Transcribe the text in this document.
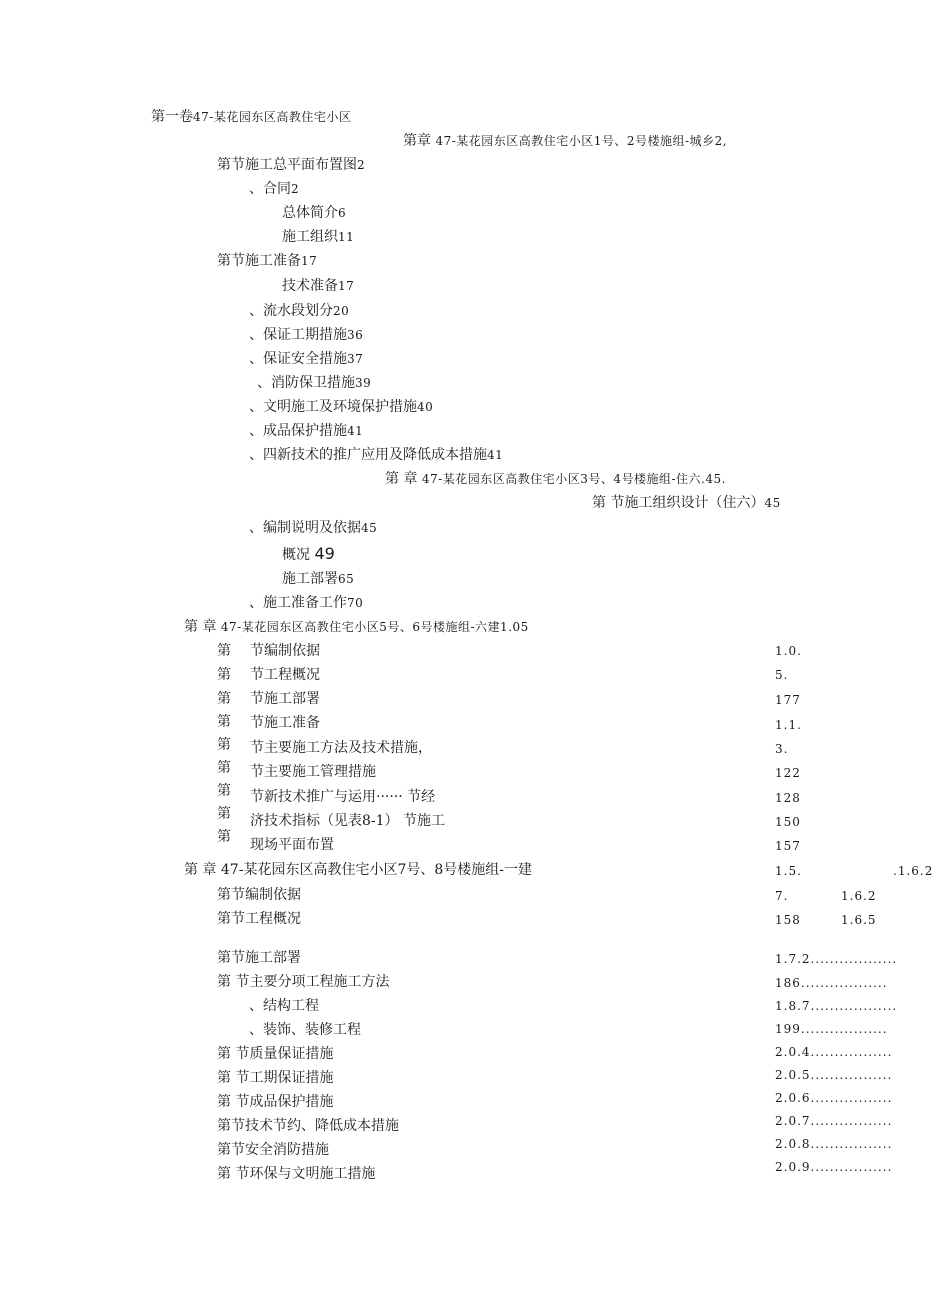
第一卷47-某花园东区高教住宅小区
第章 47-某花园东区高教住宅小区1号、2号楼施组-城乡2,
第节施工总平面布置图2
、合同2
总体简介6
施工组织11
第节施工准备17
技术准备17
、流水段划分20
、保证工期措施36
、保证安全措施37
、消防保卫措施39
、文明施工及环境保护措施40
、成品保护措施41
、四新技术的推广应用及降低成本措施41
第 章 47-某花园东区高教住宅小区3号、4号楼施组-住六.45.
第 节施工组织设计（住六）45
、编制说明及依据45
概况 49
施工部署65
、施工准备工作70
第 章 47-某花园东区高教住宅小区5号、6号楼施组-六建1.05
第 节编制依据	1.0.
第 节工程概况	5.
第 节施工部署	177
第 节施工准备	1.1.
第 节主要施工方法及技术措施，	3.
第 节主要施工管理措施	122
第 节新技术推广与运用······ 节经	128
第 济技术指标（见表8-1） 节施工	150
第 现场平面布置	157
第 章 47-某花园东区高教住宅小区7号、8号楼施组-一建	1.5.	.1.6.2
第节编制依据	7.	1.6.2
第节工程概况	158	1.6.5
第节施工部署	1.7.2..................
第 节主要分项工程施工方法	186..................
、结构工程	1.8.7..................
、装饰、装修工程	199..................
第 节质量保证措施	2.0.4.................
第 节工期保证措施	2.0.5.................
第 节成品保护措施	2.0.6.................
第节技术节约、降低成本措施	2.0.7.................
第节安全消防措施	2.0.8.................
第 节环保与文明施工措施	2.0.9.................
